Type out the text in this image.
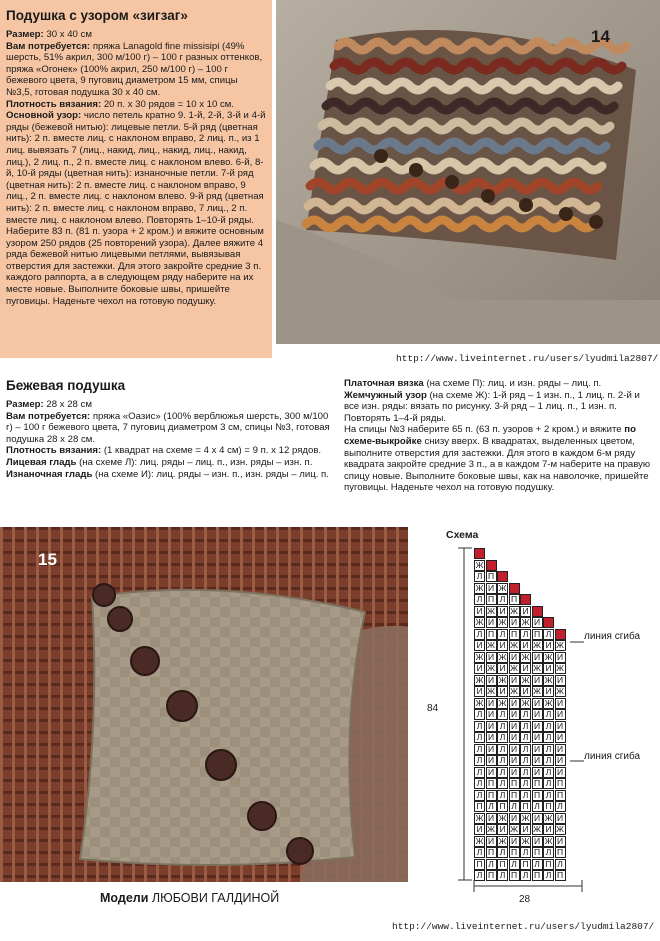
Подушка с узором «зигзаг»

Размер: 30 х 40 см

Вам потребуется: пряжа Lanagold fine missisipi (49% шерсть, 51% акрил, 300 м/100 г) – 100 г разных оттенков, пряжа «Огонек» (100% акрил, 250 м/100 г) – 100 г бежевого цвета, 9 пуговиц диаметром 15 мм, спицы №3,5, готовая подушка 30 х 40 см.

Плотность вязания: 20 п. х 30 рядов = 10 х 10 см.

Основной узор: число петель кратно 9. 1-й, 2-й, 3-й и 4-й ряды (бежевой нитью): лицевые петли. 5-й ряд (цветная нить): 2 п. вместе лиц. с наклоном вправо, 2 лиц. п., из 1 лиц. вывязать 7 (лиц., накид, лиц., накид, лиц., накид, лиц.), 2 лиц. п., 2 п. вместе лиц. с наклоном влево. 6-й, 8-й, 10-й ряды (цветная нить): изнаночные петли. 7-й ряд (цветная нить): 2 п. вместе лиц. с наклоном вправо, 9 лиц., 2 п. вместе лиц. с наклоном влево. 9-й ряд (цветная нить): 2 п. вместе лиц. с наклоном вправо, 7 лиц., 2 п. вместе лиц. с наклоном влево. Повторять 1–10-й ряды.

Наберите 83 п. (81 п. узора + 2 кром.) и вяжите основным узором 250 рядов (25 повторений узора). Далее вяжите 4 ряда бежевой нитью лицевыми петлями, вывязывая отверстия для застежки. Для этого закройте средние 3 п. каждого раппорта, а в следующем ряду наберите на их месте новые. Выполните боковые швы, пришейте пуговицы. Наденьте чехол на готовую подушку.

14
http://www.liveinternet.ru/users/lyudmila2807/

Бежевая подушка

Размер: 28 х 28 см

Вам потребуется: пряжа «Оазис» (100% верблюжья шерсть, 300 м/100 г) – 100 г бежевого цвета, 7 пуговиц диаметром 3 см, спицы №3, готовая подушка 28 х 28 см.

Плотность вязания: (1 квадрат на схеме = 4 х 4 см) = 9 п. х 12 рядов.

Лицевая гладь (на схеме Л): лиц. ряды – лиц. п., изн. ряды – изн. п.

Изнаночная гладь (на схеме И): лиц. ряды – изн. п., изн. ряды – лиц. п.

Платочная вязка (на схеме П): лиц. и изн. ряды – лиц. п.

Жемчужный узор (на схеме Ж): 1-й ряд – 1 изн. п., 1 лиц. п. 2-й и все изн. ряды: вязать по рисунку. 3-й ряд – 1 лиц. п., 1 изн. п. Повторять 1–4-й ряды.

На спицы №3 наберите 65 п. (63 п. узоров + 2 кром.) и вяжите по схеме-выкройке снизу вверх. В квадратах, выделенных цветом, выполните отверстия для застежки. Для этого в каждом 6-м ряду квадрата закройте средние 3 п., а в каждом 7-м наберите на правую спицу новые. Выполните боковые швы, как на наволочке, пришейте пуговицы. Наденьте чехол на готовую подушку.

15
Модели ЛЮБОВИ ГАЛДИНОЙ
http://www.liveinternet.ru/users/lyudmila2807/
Схема
84
Ж
Л П
Ж И Ж
Л П Л П
И Ж И Ж И
Ж И Ж И Ж И
Л П Л П Л П Л
И Ж И Ж И Ж И Ж
Ж И Ж И Ж И Ж И
И Ж И Ж И Ж И Ж
Ж И Ж И Ж И Ж И
И Ж И Ж И Ж И Ж
Ж И Ж И Ж И Ж И
Л И Л И Л И Л И
Л И Л И Л И Л И
Л И Л И Л И Л И
Л И Л И Л И Л И
Л И Л И Л И Л И
Л И Л И Л И Л И
Л П Л П Л П Л П
Л П Л П Л П Л П
П Л П Л П Л П Л
Ж И Ж И Ж И Ж И
И Ж И Ж И Ж И Ж
Ж И Ж И Ж И Ж И
Л П Л П Л П Л П
П Л П Л П Л П Л
Л П Л П Л П Л П
28
линия сгиба
линия сгиба
